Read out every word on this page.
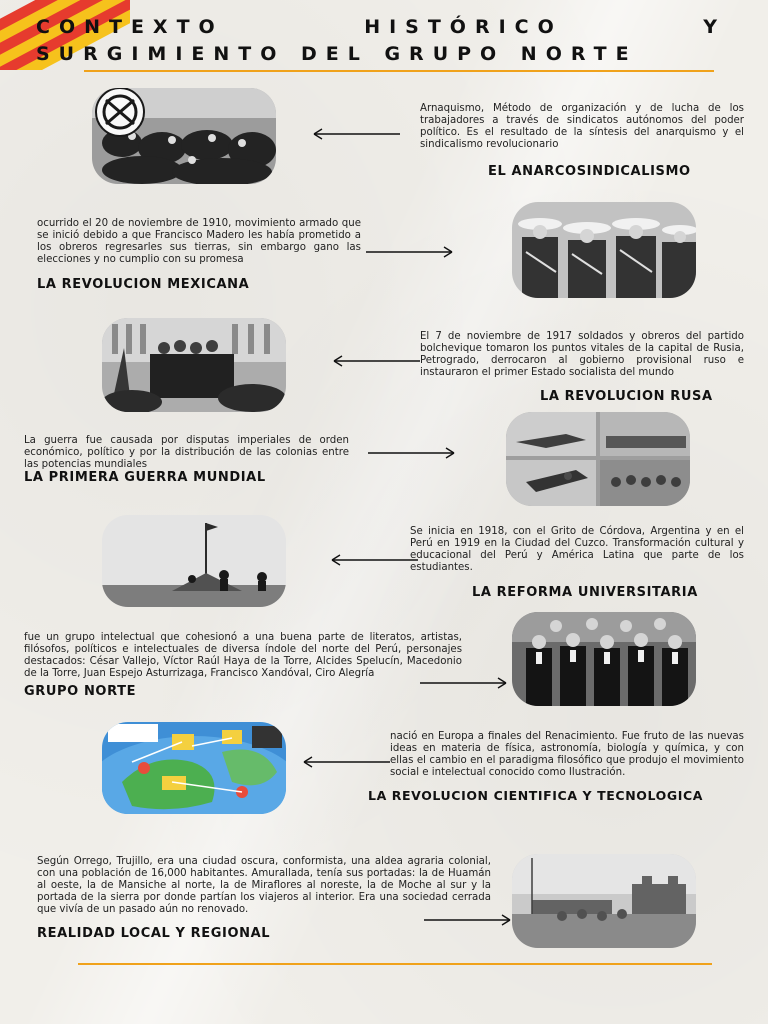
CONTEXTO	HISTÓRICO	Y
SURGIMIENTO DEL GRUPO NORTE
Arnaquismo, Método de organización y de lucha de los trabajadores a través de sindicatos autónomos del poder político. Es el resultado de la síntesis del anarquismo y el sindicalismo revolucionario
EL ANARCOSINDICALISMO
ocurrido el 20 de noviembre de 1910, movimiento armado que se inició debido a que Francisco Madero les había prometido a los obreros regresarles sus tierras, sin embargo gano las elecciones y no cumplio con su promesa
LA REVOLUCION MEXICANA
El 7 de noviembre de 1917 soldados y obreros del partido bolchevique tomaron los puntos vitales de la capital de Rusia, Petrogrado, derrocaron al gobierno provisional ruso e instauraron el primer Estado socialista del mundo
LA REVOLUCION RUSA
La guerra fue causada por disputas imperiales de orden económico, político y por la distribución de las colonias entre las potencias mundiales
LA PRIMERA GUERRA MUNDIAL
Se inicia en 1918, con el Grito de Córdova, Argentina y en el Perú en 1919 en la Ciudad del Cuzco. Transformación cultural y educacional del Perú y América Latina que parte de los estudiantes.
LA REFORMA UNIVERSITARIA
fue un grupo intelectual que cohesionó a una buena parte de literatos, artistas, filósofos, políticos e intelectuales de diversa índole del norte del Perú, personajes destacados: César Vallejo, Víctor Raúl Haya de la Torre, Alcides Spelucín, Macedonio de la Torre, Juan Espejo Asturrizaga, Francisco Xandóval, Ciro Alegría
GRUPO NORTE
nació en Europa a finales del Renacimiento. Fue fruto de las nuevas ideas en materia de física, astronomía, biología y química, y con ellas el cambio en el paradigma filosófico que produjo el movimiento social e intelectual conocido como Ilustración.
LA REVOLUCION CIENTIFICA Y TECNOLOGICA
Según Orrego, Trujillo, era una ciudad oscura, conformista, una aldea agraria colonial, con una población de 16,000 habitantes. Amurallada, tenía sus portadas: la de Huamán al oeste, la de Mansiche al norte, la de Miraflores al noreste, la de Moche al sur y la portada de la sierra por donde partían los viajeros al interior. Era una sociedad cerrada que vivía de un pasado aún no renovado.
REALIDAD LOCAL Y REGIONAL
